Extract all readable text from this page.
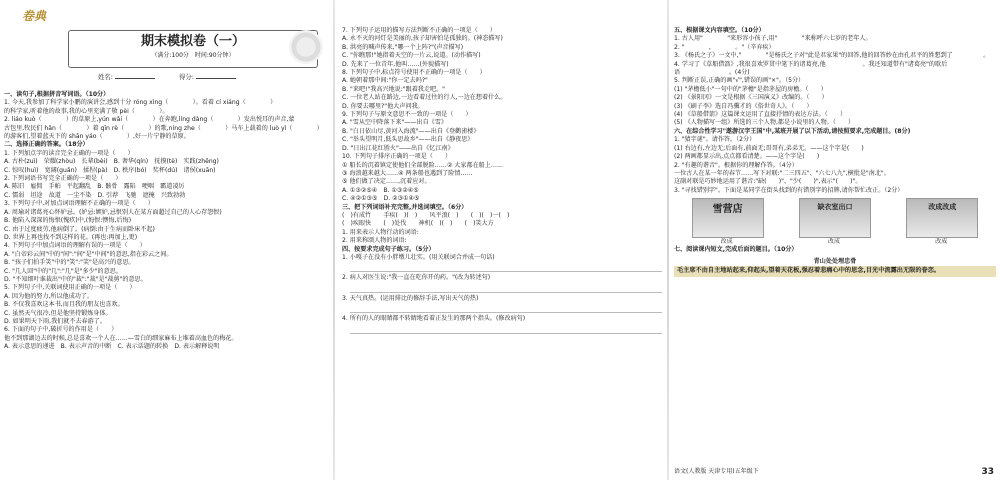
卷典
期末模拟卷（一）
（满分:100分　时间:90分钟）
姓名:	得分:

一、读句子,根据拼音写词语。（10分）

1. 今天,我参加了科学家小鹏的演讲会,感到十分 róng xìng（　　　　）。看着 cí xiáng（　　　　）

的科学家,听着他的故事,我的心里充满了敬 pèi（　　　　）。

2. liáo kuò（　　　　）的草原上,yún wǎi（　　　　）在奔跑,líng dàng（　　　　）发出悦耳的声音,蒙

古包里,牧民们 hǎn（　　　　）着 qīn rè（　　　　）的歌,níng zhe（　　　　）马车上载着的 luò yì（　　　　）

的游客们,望着蓝天下的 shān yáo（　　　　）,好一片宁静的草原。

二、选择正确的答案。（18分）

1. 下列加点字的读音完全正确的一项是（　　）

A. 古朴(zuì)　荣耀(zhòu)　长辈(bèi)　B. 奢华(qín)　抚摸(tè)　实践(zhēng)

C. 惊叹(huì)　宽阔(guǎn)　揉捏(pà)　D. 秩序(bó)　奖杯(dú)　诸侯(xuān)

2. 下列词语书写完全正确的一项是（　　）

A. 陈旧　雇佣　手帕　平起翻乱　B. 骸骨　露陷　哽咽　霸道凌厉

C. 懦弱　坦途　故道　一尘不染　D. 引荐　飞驰　遮掩　兴致勃勃

3. 下列句子中,对加点词语理解不正确的一项是（　　）

A. 周瑜对诸葛亮心怀妒忌。(妒忌:嫉妒,忌恨别人在某方面超过自己的人心存怨恨)

B. 他陷入深深的悔恨(愧疚)中,(悔恨:懊悔,后悔)

C. 由于过度疲劳,他病倒了。(病倒:由于生病而卧床不起)

D. 世界上再也找不到这样的花。(再也:再加上,更)

4. 下列句子中加点词语的理解有误的一项是（　　）

A. "白帝彩云间"中的"间":"间"是"中间"的意思,指在彩云之间。

B. "孩子们拍手笑"中的"笑":"笑"是高兴的意思。

C. "几人回"中的"几":"几"是"多少"的意思。

D. "不知细叶谁裁出"中的"裁":"裁"是"裁剪"的意思。

5. 下列句子中,关联词使用正确的一项是（　　）

A. 因为他的努力,所以他成功了。

B. 不仅我喜欢这本书,而且我的朋友也喜欢。

C. 虽然天气很冷,但是他坚持锻炼身体。

D. 如果明天下雨,我们就不去春游了。

6. 下面的句子中,破折号的作用是（　　）

他不到那湖边去的时候,总是喜欢一个人在……—雪白的细家麻布上堆着高血色的梅花。

A. 表示意思的递进　B. 表示声音的中断　C. 表示话题的转换　D. 表示解释说明

7. 下列句子运用的描写方法判断不正确的一项是（　　）

A. 永不灭的河灯是美丽的,孩子却害怕是孤独的。(神态描写)

B. 洪亮的喊声传来,"哪一个上阵?"(声音描写)

C. "你瞧那!"她指着天空的一片云,说道。(动作描写)

D. 先来了一位青年,他叫……(外貌描写)

8. 下列句子中,标点符号使用不正确的一项是（　　）

A. 她朝着那中间:"你一定去吗?"

B. "来吧!"我高兴地说:"跟着我走吧。"

C. 一位老人站在路边,一边看着过往的行人,一边在想着什么。

D. 你要去哪里?"他大声问我。

9. 下列句子与原文意思不一致的一项是（　　）

A. "雪从空中降落下来"——出自《雪》

B. "白日依山尽,黄河入海流"——出自《登鹳雀楼》

C. "举头望明月,低头思故乡"——出自《静夜思》

D. "日出江花红胜火"——出自《忆江南》

10. 下列句子排序正确的一项是（　　）

① 船长的沉着镇定使他们全部脱险……② 大家都在船上……

③ 海浪越来越大……④ 两条船也遇到了险情……

⑤ 他们做了决定……,沉着应对。

A. ①③②⑤④　B. ①③②④⑤

C. ④②①③⑤　D. ②③①④⑤

三、把下列词语补充完整,并选词填空。（6分）

(　)有成竹　　手疾(　)(　)　　风平浪(　)　　(　)(　)一(　)

(　)疾眼快　　(　)处伐　　神机(　)(　)　　(　)笑大方

1. 用来表示人物行动的词语:

2. 用来称颂人物的词语:

四、按要求完成句子练习。（5分）

1. 小嘎子在没有小胖墩儿壮实。(用关联词合并成一句话)

2. 病人对医生说:"我一直在吃你开的药。"(改为转述句)

3. 天气真热。(运用排比的修辞手法,写出天气的热)

4. 所有的人的眼睛都不转睛地看着正发生的那两个指头。(修改病句)

五、根据课文内容填空。（10分）

1. 古人用"　　　　"来形容小孩子,用"　　　　"来称呼六七岁的老年人。

2. "　　　　,　　　　。"（辛弃疾）

3. 《杨氏之子》一文中,"　　　　"是杨氏之子对"此是君家果"的回答,他的回答妙在由孔君平的姓想到了　　　　　。

4. 学习了《草船借箭》,我很喜欢罗贯中笔下的诸葛亮,他　　　　　　。我还知道带有"诸葛亮"的歇后语　　　　　　　　。(4分)

5. 判断正误,正确的画"√",错误的画"×"。（5分）

(1) "茅檐低小"一句中的"茅檐"是指茅屋的房檐。（　　）

(2) 《景阳冈》一文是根据《三国演义》改编的。（　　）

(3) 《刷子李》选自冯骥才的《俗世奇人》。（　　）

(4) 《草船借箭》这篇课文运用了直接抒情的表达方法。（　　）

(5) 《人物描写一组》所选的三个人物,都是小说里的人物。（　　）

六、在综合性学习"遨游汉字王国"中,某班开展了以下活动,请按照要求,完成题目。(8分)

1. "猜字谜"。请作答。（2分）

(1) 右边有,左边无;后面有,前面无;哥哥有,弟弟无。——这个字是(　　)

(2) 两画都显示出,点点都看清楚。——这个字是(　　)

2. "有趣的谐音"。根据你的理解作答。（4分）

一位古人在某一年的春节……写下对联:"二三四五"、"六七八九",横批是"南北"。

这副对联是巧妙地运用了谐音:"缺(　　)"、"少(　　)",表示"(　　)"。

3. "寻找错别字"。下面是某同学在街头找到的有错别字的招牌,请你帮忙改正。（2分）

雪营店
改成
缺衣室出口
改成
改成改成
改成

七、阅读课内短文,完成后面的题目。（10分）

青山处处埋忠骨
毛主席不由自主地站起来,仰起头,望着天花板,强忍着悲痛心中的思念,目光中流露出无限的眷恋。
语文(人教版 天津专用)五年级下	33
